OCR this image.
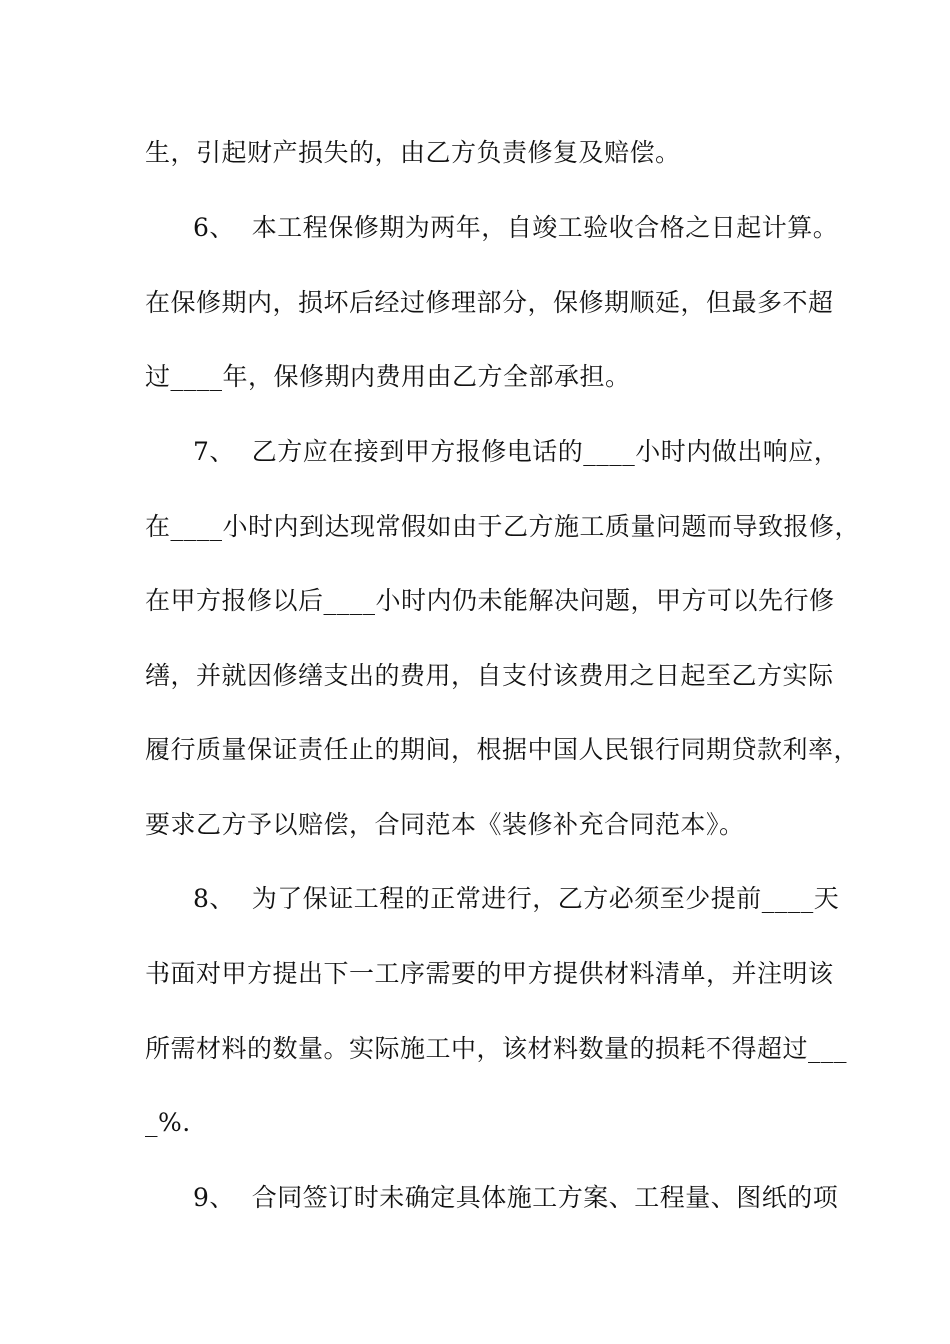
生，引起财产损失的，由乙方负责修复及赔偿。
6、  本工程保修期为两年，自竣工验收合格之日起计算。
在保修期内，损坏后经过修理部分，保修期顺延，但最多不超
过____年，保修期内费用由乙方全部承担。
7、  乙方应在接到甲方报修电话的____小时内做出响应，
在____小时内到达现常假如由于乙方施工质量问题而导致报修，
在甲方报修以后____小时内仍未能解决问题，甲方可以先行修
缮，并就因修缮支出的费用，自支付该费用之日起至乙方实际
履行质量保证责任止的期间，根据中国人民银行同期贷款利率，
要求乙方予以赔偿，合同范本《装修补充合同范本》。
8、  为了保证工程的正常进行，乙方必须至少提前____天
书面对甲方提出下一工序需要的甲方提供材料清单，并注明该
所需材料的数量。实际施工中，该材料数量的损耗不得超过___
_%.
9、  合同签订时未确定具体施工方案、工程量、图纸的项
